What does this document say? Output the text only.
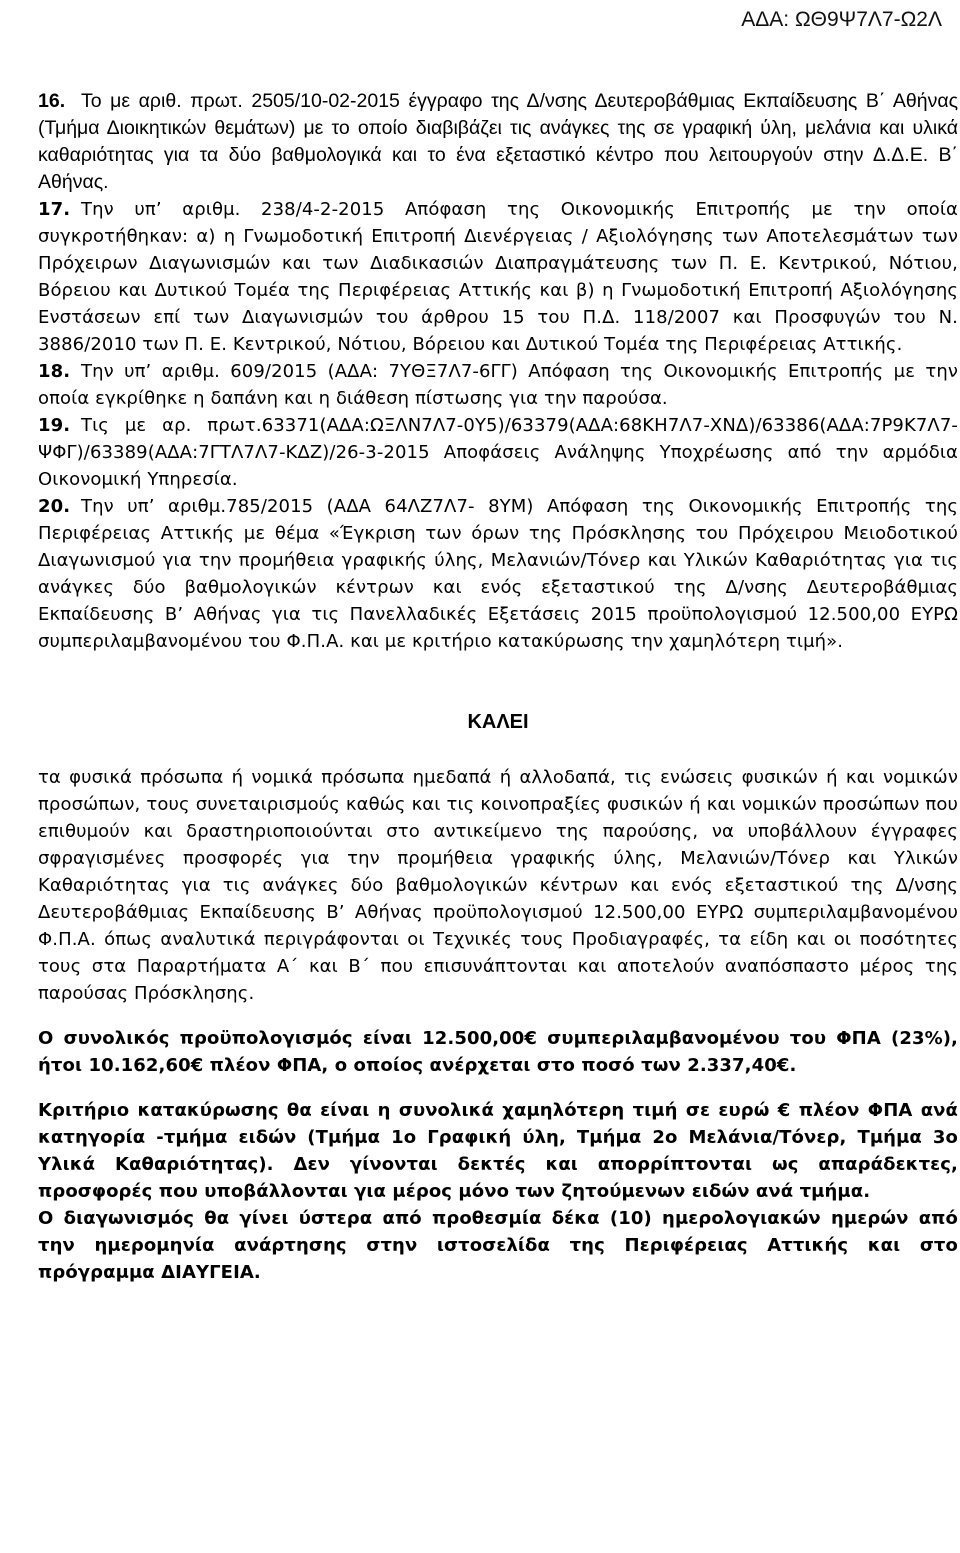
ΑΔΑ: ΩΘ9Ψ7Λ7-Ω2Λ

16. Το με αριθ. πρωτ. 2505/10-02-2015 έγγραφο της Δ/νσης Δευτεροβάθμιας Εκπαίδευσης Β΄ Αθήνας (Τμήμα Διοικητικών θεμάτων) με το οποίο διαβιβάζει τις ανάγκες της σε γραφική ύλη, μελάνια και υλικά καθαριότητας για τα δύο βαθμολογικά και το ένα εξεταστικό κέντρο που λειτουργούν στην Δ.Δ.Ε. Β΄ Αθήνας.

17. Την υπ’ αριθμ. 238/4-2-2015 Απόφαση της Οικονομικής Επιτροπής με την οποία συγκροτήθηκαν: α) η Γνωμοδοτική Επιτροπή Διενέργειας / Αξιολόγησης των Αποτελεσμάτων των Πρόχειρων Διαγωνισμών και των Διαδικασιών Διαπραγμάτευσης των Π. Ε. Κεντρικού, Νότιου, Βόρειου και Δυτικού Τομέα της Περιφέρειας Αττικής και β) η Γνωμοδοτική Επιτροπή Αξιολόγησης Ενστάσεων επί των Διαγωνισμών του άρθρου 15 του Π.Δ. 118/2007 και Προσφυγών του Ν. 3886/2010 των Π. Ε. Κεντρικού, Νότιου, Βόρειου και Δυτικού Τομέα της Περιφέρειας Αττικής.

18. Την υπ’ αριθμ. 609/2015 (ΑΔΑ: 7ΥΘΞ7Λ7-6ΓΓ) Απόφαση της Οικονομικής Επιτροπής με την οποία εγκρίθηκε η δαπάνη και η διάθεση πίστωσης για την παρούσα.

19. Τις με αρ. πρωτ.63371(ΑΔΑ:ΩΞΛΝ7Λ7-0Υ5)/63379(ΑΔΑ:68ΚΗ7Λ7-ΧΝΔ)/63386(ΑΔΑ:7Ρ9Κ7Λ7-ΨΦΓ)/63389(ΑΔΑ:7ΓΤΛ7Λ7-ΚΔΖ)/26-3-2015 Αποφάσεις Ανάληψης Υποχρέωσης από την αρμόδια Οικονομική Υπηρεσία.

20. Την υπ’ αριθμ.785/2015 (ΑΔΑ 64ΛΖ7Λ7- 8ΥΜ) Απόφαση της Οικονομικής Επιτροπής της Περιφέρειας Αττικής με θέμα «Έγκριση των όρων της Πρόσκλησης του Πρόχειρου Μειοδοτικού Διαγωνισμού για την προμήθεια γραφικής ύλης, Μελανιών/Τόνερ και Υλικών Καθαριότητας για τις ανάγκες δύο βαθμολογικών κέντρων και ενός εξεταστικού της Δ/νσης Δευτεροβάθμιας Εκπαίδευσης Β’ Αθήνας για τις Πανελλαδικές Εξετάσεις 2015 προϋπολογισμού 12.500,00 ΕΥΡΩ συμπεριλαμβανομένου του Φ.Π.Α. και με κριτήριο κατακύρωσης την χαμηλότερη τιμή».

ΚΑΛΕΙ

τα φυσικά πρόσωπα ή νομικά πρόσωπα ημεδαπά ή αλλοδαπά, τις ενώσεις φυσικών ή και νομικών προσώπων, τους συνεταιρισμούς καθώς και τις κοινοπραξίες φυσικών ή και νομικών προσώπων που επιθυμούν και δραστηριοποιούνται στο αντικείμενο της παρούσης, να υποβάλλουν έγγραφες σφραγισμένες προσφορές για την προμήθεια γραφικής ύλης, Μελανιών/Τόνερ και Υλικών Καθαριότητας για τις ανάγκες δύο βαθμολογικών κέντρων και ενός εξεταστικού της Δ/νσης Δευτεροβάθμιας Εκπαίδευσης Β’ Αθήνας προϋπολογισμού 12.500,00 ΕΥΡΩ συμπεριλαμβανομένου Φ.Π.Α. όπως αναλυτικά περιγράφονται οι Τεχνικές τους Προδιαγραφές, τα είδη και οι ποσότητες τους στα Παραρτήματα Α΄ και Β΄ που επισυνάπτονται και αποτελούν αναπόσπαστο μέρος της παρούσας Πρόσκλησης.

Ο συνολικός προϋπολογισμός είναι 12.500,00€ συμπεριλαμβανομένου του ΦΠΑ (23%), ήτοι 10.162,60€ πλέον ΦΠΑ, ο οποίος ανέρχεται στο ποσό των 2.337,40€.

Κριτήριο κατακύρωσης θα είναι η συνολικά χαμηλότερη τιμή σε ευρώ € πλέον ΦΠΑ ανά κατηγορία -τμήμα ειδών (Τμήμα 1ο Γραφική ύλη, Τμήμα 2ο Μελάνια/Τόνερ, Τμήμα 3ο Υλικά Καθαριότητας). Δεν γίνονται δεκτές και απορρίπτονται ως απαράδεκτες, προσφορές που υποβάλλονται για μέρος μόνο των ζητούμενων ειδών ανά τμήμα.

Ο διαγωνισμός θα γίνει ύστερα από προθεσμία δέκα (10) ημερολογιακών ημερών από την ημερομηνία ανάρτησης στην ιστοσελίδα της Περιφέρειας Αττικής και στο πρόγραμμα ΔΙΑΥΓΕΙΑ.
